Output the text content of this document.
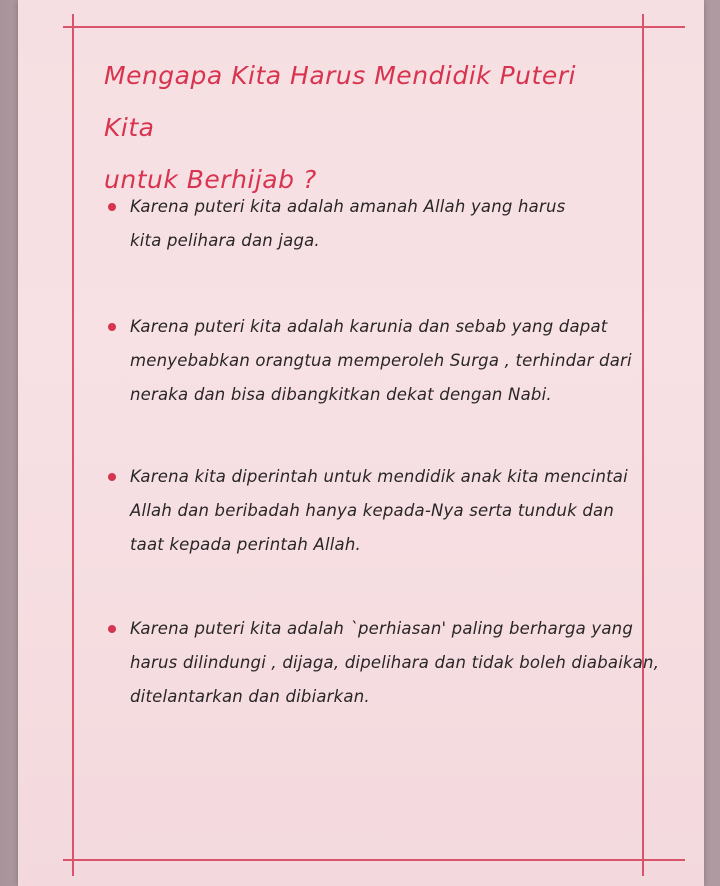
Mengapa Kita Harus Mendidik Puteri Kita
untuk Berhijab ?
Karena puteri kita adalah amanah Allah yang harus
kita pelihara dan jaga.
Karena puteri kita adalah karunia dan sebab yang dapat
menyebabkan orangtua memperoleh Surga , terhindar dari
neraka dan bisa dibangkitkan dekat dengan Nabi.
Karena kita diperintah untuk mendidik anak kita mencintai
Allah dan beribadah hanya kepada-Nya serta tunduk dan
taat kepada perintah Allah.
Karena puteri kita adalah `perhiasan' paling berharga yang
harus dilindungi , dijaga, dipelihara dan tidak boleh diabaikan,
ditelantarkan dan dibiarkan.
